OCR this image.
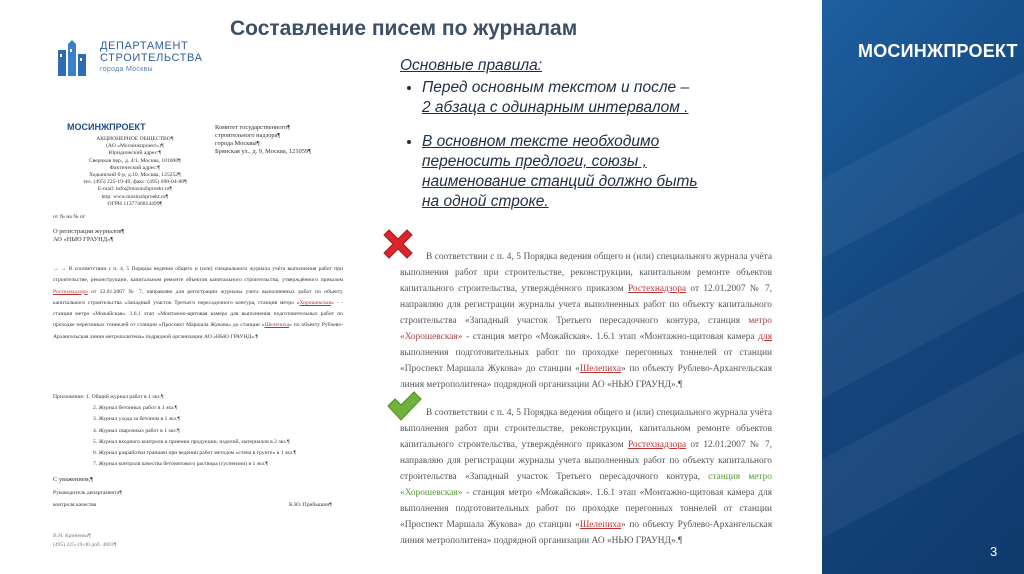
МОСИНЖПРОЕКТ
3
Составление писем по журналам
ДЕПАРТАМЕНТ
СТРОИТЕЛЬСТВА
города Москвы
МОСИНЖПРОЕКТ
АКЦИОНЕРНОЕ ОБЩЕСТВО¶
(АО «Мосинжпроект»)¶
Юридический адрес:¶
Сверчков пер., д. 4/1, Москва, 101000¶
Фактический адрес:¶
Ходынский б-р, д.10, Москва, 125252¶
тел. (495) 225-19-40, факс: (495) 690-04-80¶
E-mail: info@mosinzhproekt.ru¶
http: www.mosinzhproekt.ru¶
ОГРН 1137746814499¶
Комитет государственного¶
строительного надзора¶
города Москвы¶
Брянская ул., д. 9, Москва, 121059¶
от № на № от
О регистрации журналов¶
АО «НЬЮ ГРАУНД»¶
→ → В соответствии с п. 4, 5 Порядка ведения общего и (или) специального журнала учёта выполнения работ при строительстве, реконструкции, капитальном ремонте объектов капитального строительства, утверждённого приказом Ростехнадзора от 12.01.2007 № 7, направляю для регистрации журналы учета выполненных работ по объекту капитального строительства «Западный участок Третьего пересадочного контура, станция метро «Хорошевская» - - станция метро «Можайская». 1.6.1 этап «Монтажно-щитовая камера для выполнения подготовительных работ по проходке перегонных тоннелей от станции «Проспект Маршала Жукова» до станции «Шелепиха» по объекту Рублево-Архангельская линия метрополитена» подрядной организации АО «НЬЮ ГРАУНД».¶
Приложение: 1. Общий журнал работ в 1 экз.¶
2. Журнал бетонных работ в 1 экз.¶
3. Журнал ухода за бетоном в 1 экз.¶
4. Журнал сварочных работ в 1 экз.¶
5. Журнал входного контроля и приемки продукции, изделий, материалов в 2 экз.¶
6. Журнал разработки траншеи при ведении работ методом «стена в грунте» в 1 экз.¶
7. Журнал контроля качества бетонитового раствора (суспензии) в 1 экз.¶
С уважением,¶
Руководитель департамента¶
контроля качества	К.Ю. Прибышин¶
В.Н. Криненко¶
(495) 225-19-40 доб. 4803¶
Основные правила:
• Перед основным текстом и после –
2 абзаца с одинарным интервалом .
• В основном тексте необходимо
переносить предлоги, союзы ,
наименование станций должно быть
на одной строке.
В соответствии с п. 4, 5 Порядка ведения общего и (или) специального журнала учёта выполнения работ при строительстве, реконструкции, капитальном ремонте объектов капитального строительства, утверждённого приказом Ростехнадзора от 12.01.2007 № 7, направляю для регистрации журналы учета выполненных работ по объекту капитального строительства «Западный участок Третьего пересадочного контура, станция метро «Хорошевская» - станция метро «Можайская». 1.6.1 этап «Монтажно-щитовая камера для выполнения подготовительных работ по проходке перегонных тоннелей от станции «Проспект Маршала Жукова» до станции «Шелепиха» по объекту Рублево-Архангельская линия метрополитена» подрядной организации АО «НЬЮ ГРАУНД».¶
В соответствии с п. 4, 5 Порядка ведения общего и (или) специального журнала учёта выполнения работ при строительстве, реконструкции, капитальном ремонте объектов капитального строительства, утверждённого приказом Ростехнадзора от 12.01.2007 № 7, направляю для регистрации журналы учета выполненных работ по объекту капитального строительства «Западный участок Третьего пересадочного контура, станция метро «Хорошевская» - станция метро «Можайская». 1.6.1 этап «Монтажно-щитовая камера для выполнения подготовительных работ по проходке перегонных тоннелей от станции «Проспект Маршала Жукова» до станции «Шелепиха» по объекту Рублево-Архангельская линия метрополитена» подрядной организации АО «НЬЮ ГРАУНД».¶
